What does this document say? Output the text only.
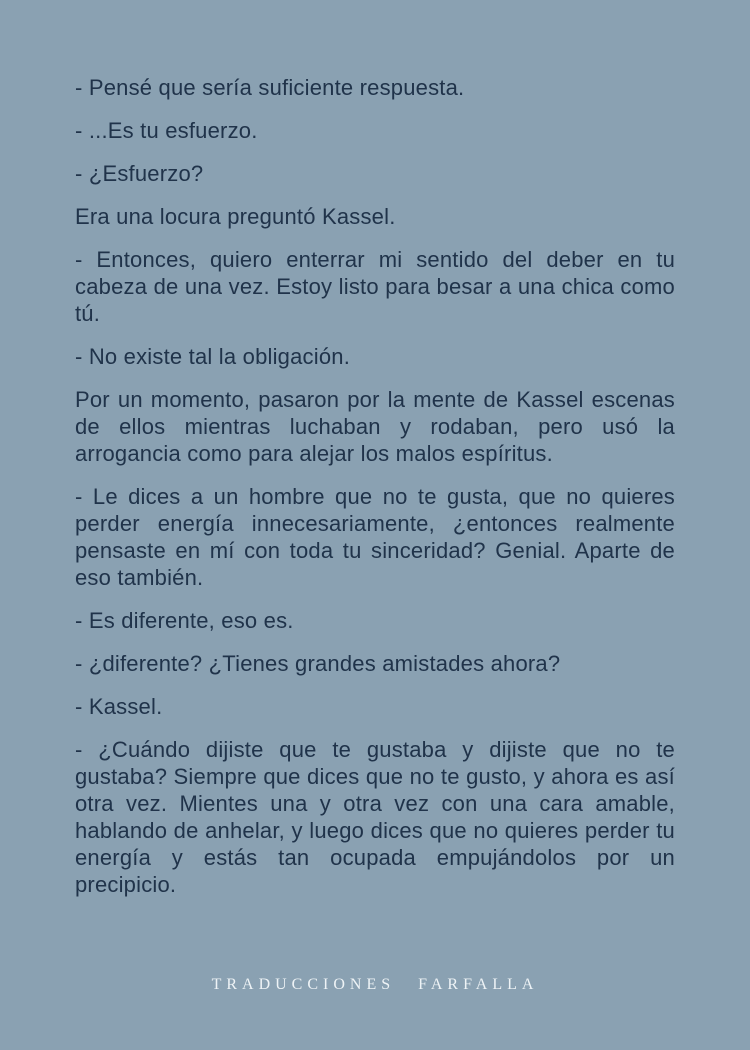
- Pensé que sería suficiente respuesta.

- ...Es tu esfuerzo.

- ¿Esfuerzo?

Era una locura preguntó Kassel.

- Entonces, quiero enterrar mi sentido del deber en tu cabeza de una vez. Estoy listo para besar a una chica como tú.

- No existe tal la obligación.

Por un momento, pasaron por la mente de Kassel escenas de ellos mientras luchaban y rodaban, pero usó la arrogancia como para alejar los malos espíritus.

- Le dices a un hombre que no te gusta, que no quieres perder energía innecesariamente, ¿entonces realmente pensaste en mí con toda tu sinceridad? Genial. Aparte de eso también.

- Es diferente, eso es.

- ¿diferente? ¿Tienes grandes amistades ahora?

- Kassel.

- ¿Cuándo dijiste que te gustaba y dijiste que no te gustaba? Siempre que dices que no te gusto, y ahora es así otra vez. Mientes una y otra vez con una cara amable, hablando de anhelar, y luego dices que no quieres perder tu energía y estás tan ocupada empujándolos por un precipicio.

TRADUCCIONES FARFALLA
